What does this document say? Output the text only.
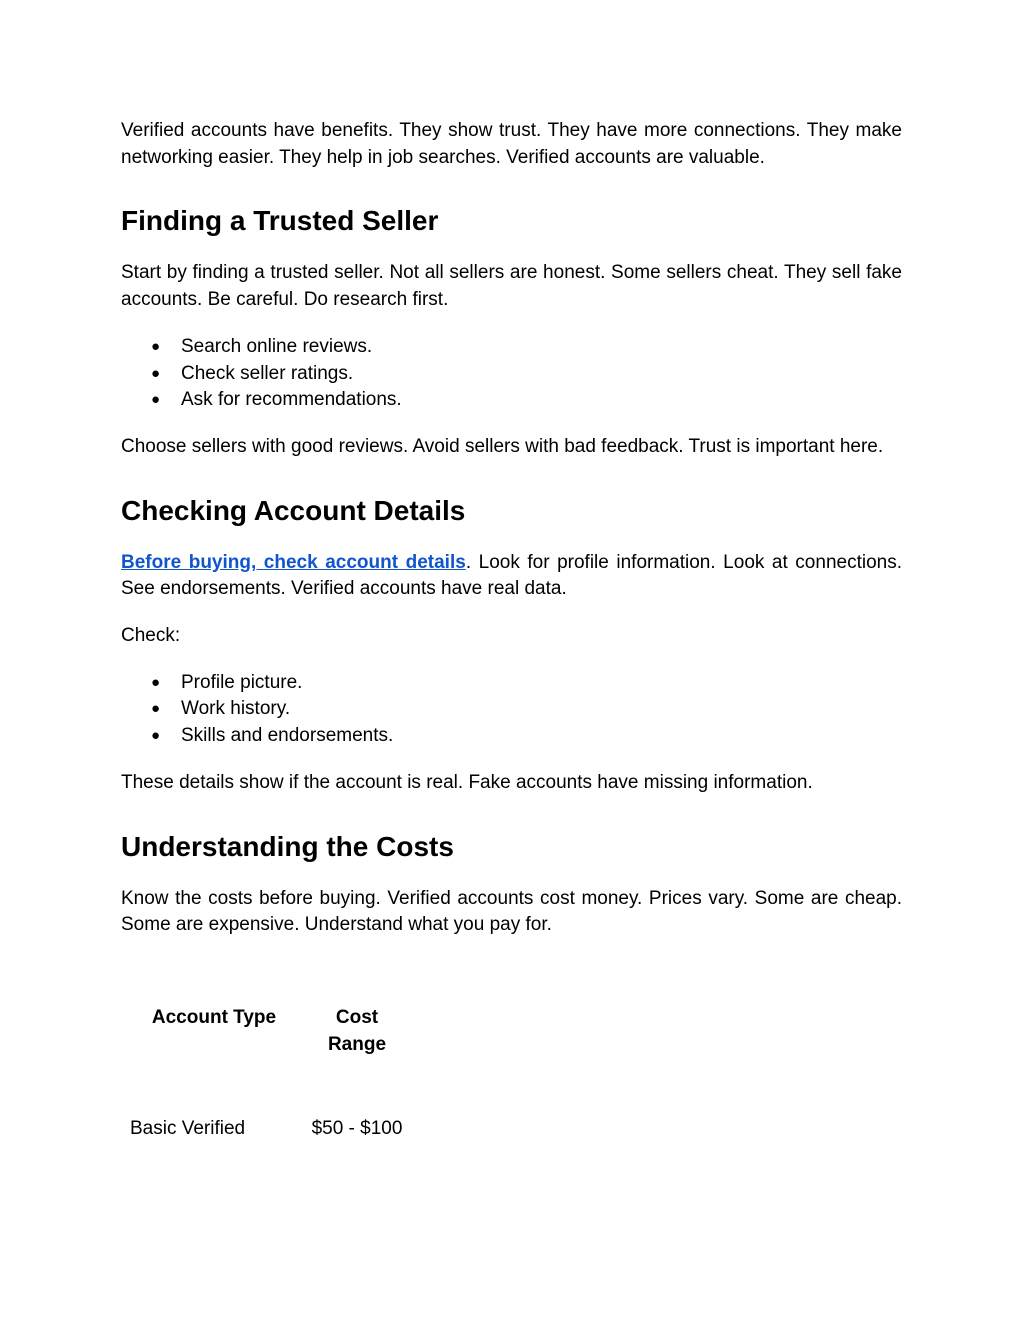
Verified accounts have benefits. They show trust. They have more connections. They make networking easier. They help in job searches. Verified accounts are valuable.

Finding a Trusted Seller

Start by finding a trusted seller. Not all sellers are honest. Some sellers cheat. They sell fake accounts. Be careful. Do research first.

● Search online reviews.
● Check seller ratings.
● Ask for recommendations.

Choose sellers with good reviews. Avoid sellers with bad feedback. Trust is important here.

Checking Account Details

Before buying, check account details. Look for profile information. Look at connections. See endorsements. Verified accounts have real data.

Check:

● Profile picture.
● Work history.
● Skills and endorsements.

These details show if the account is real. Fake accounts have missing information.

Understanding the Costs

Know the costs before buying. Verified accounts cost money. Prices vary. Some are cheap. Some are expensive. Understand what you pay for.

Account Type	Cost Range

Basic Verified	$50 - $100
